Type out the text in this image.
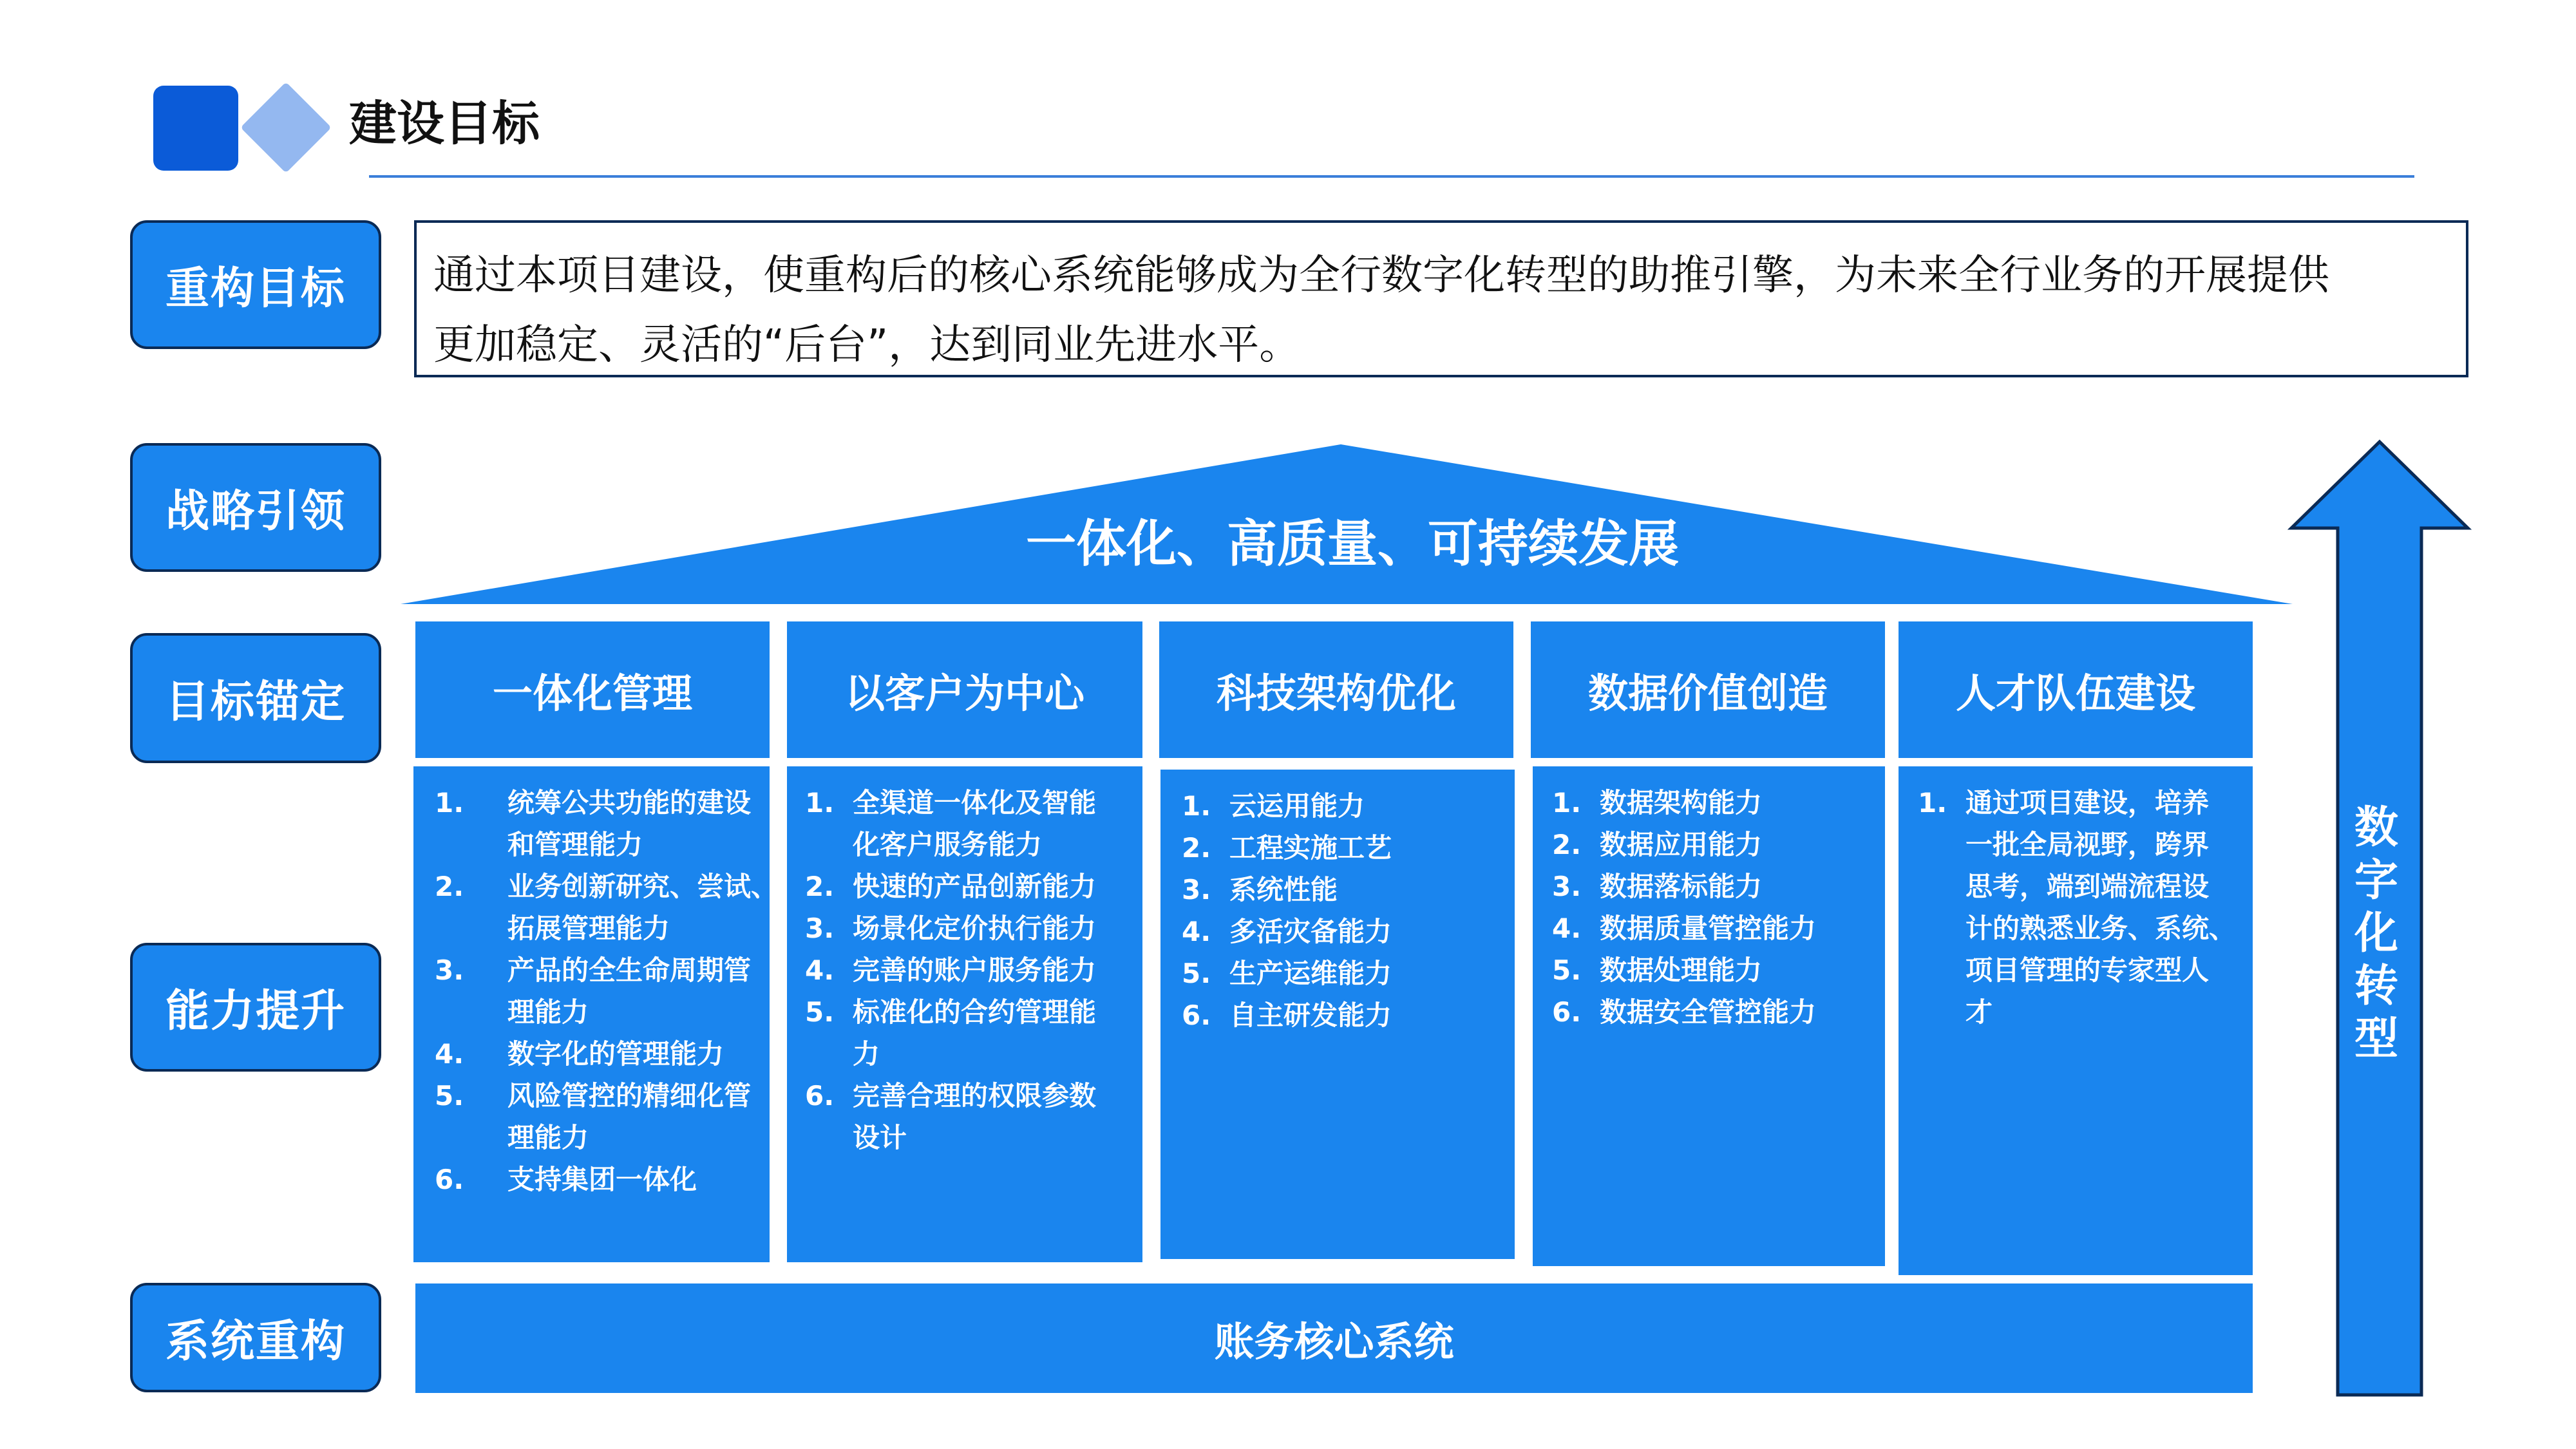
建设目标
重构目标
战略引领
目标锚定
能力提升
系统重构
通过本项目建设，使重构后的核心系统能够成为全行数字化转型的助推引擎，为未来全行业务的开展提供
更加稳定、灵活的“后台”，达到同业先进水平。
一体化、高质量、可持续发展
一体化管理	以客户为中心	科技架构优化	数据价值创造	人才队伍建设
1.	统筹公共功能的建设
和管理能力
2.	业务创新研究、尝试、
拓展管理能力
3.	产品的全生命周期管
理能力
4.	数字化的管理能力
5.	风险管控的精细化管
理能力
6.	支持集团一体化
1. 全渠道一体化及智能
化客户服务能力
2. 快速的产品创新能力
3. 场景化定价执行能力
4. 完善的账户服务能力
5. 标准化的合约管理能
力
6. 完善合理的权限参数
设计
1. 云运用能力
2. 工程实施工艺
3. 系统性能
4. 多活灾备能力
5. 生产运维能力
6. 自主研发能力
1. 数据架构能力
2. 数据应用能力
3. 数据落标能力
4. 数据质量管控能力
5. 数据处理能力
6. 数据安全管控能力
1. 通过项目建设，培养
一批全局视野，跨界
思考，端到端流程设
计的熟悉业务、系统、
项目管理的专家型人
才
账务核心系统
数
字
化
转
型
